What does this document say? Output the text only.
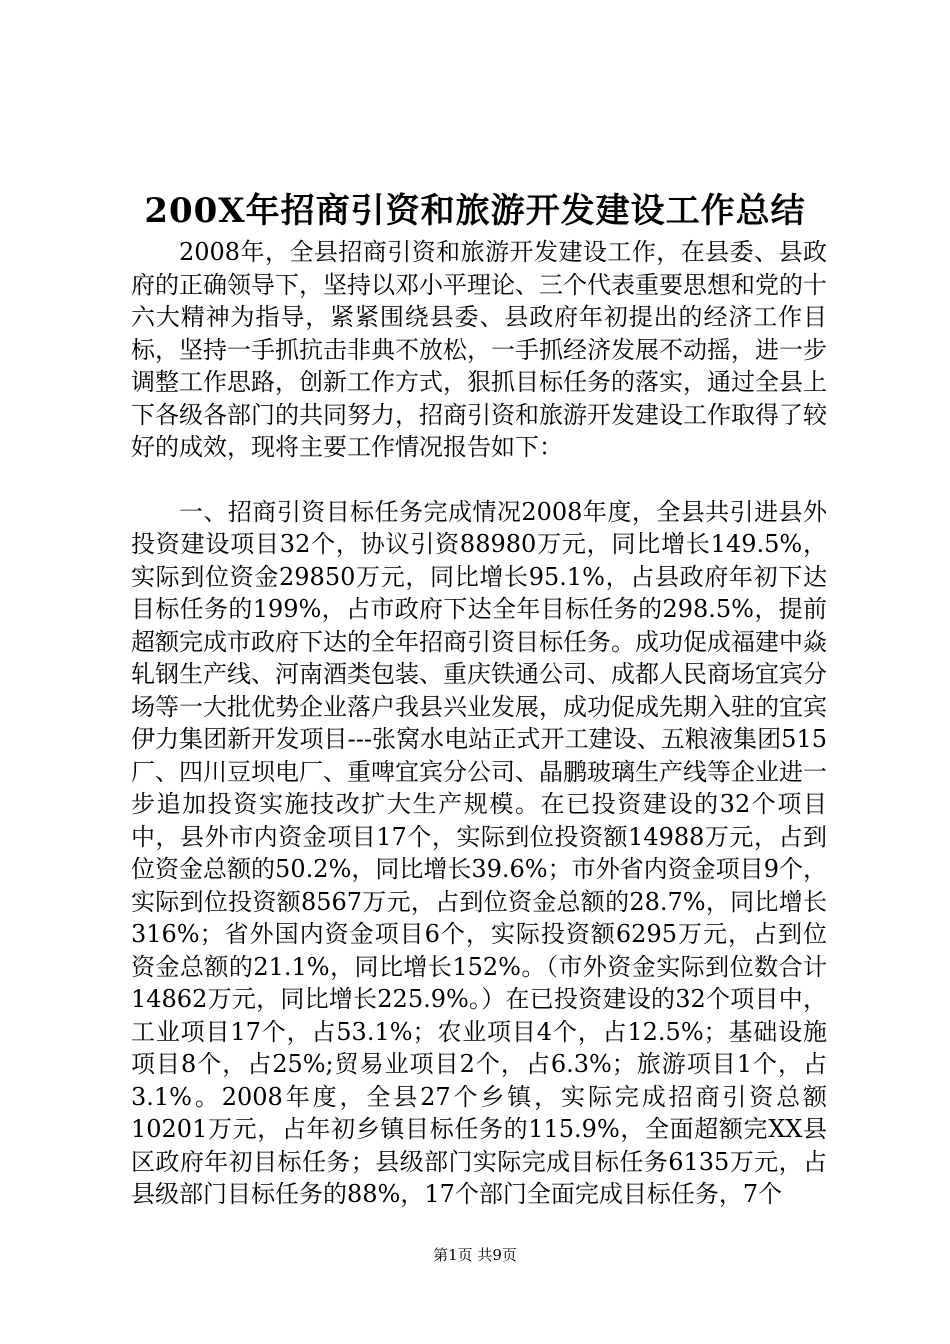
200X年招商引资和旅游开发建设工作总结

2008年，全县招商引资和旅游开发建设工作，在县委、县政府的正确领导下，坚持以邓小平理论、三个代表重要思想和党的十六大精神为指导，紧紧围绕县委、县政府年初提出的经济工作目标，坚持一手抓抗击非典不放松，一手抓经济发展不动摇，进一步调整工作思路，创新工作方式，狠抓目标任务的落实，通过全县上下各级各部门的共同努力，招商引资和旅游开发建设工作取得了较好的成效，现将主要工作情况报告如下：

一、招商引资目标任务完成情况2008年度，全县共引进县外投资建设项目32个，协议引资88980万元，同比增长149.5%，实际到位资金29850万元，同比增长95.1%，占县政府年初下达目标任务的199%，占市政府下达全年目标任务的298.5%，提前超额完成市政府下达的全年招商引资目标任务。成功促成福建中焱轧钢生产线、河南酒类包装、重庆铁通公司、成都人民商场宜宾分场等一大批优势企业落户我县兴业发展，成功促成先期入驻的宜宾伊力集团新开发项目---张窝水电站正式开工建设、五粮液集团515厂、四川豆坝电厂、重啤宜宾分公司、晶鹏玻璃生产线等企业进一步追加投资实施技改扩大生产规模。在已投资建设的32个项目中，县外市内资金项目17个，实际到位投资额14988万元，占到位资金总额的50.2%，同比增长39.6%；市外省内资金项目9个，实际到位投资额8567万元，占到位资金总额的28.7%，同比增长316%；省外国内资金项目6个，实际投资额6295万元，占到位资金总额的21.1%，同比增长152%。（市外资金实际到位数合计14862万元，同比增长225.9%。）在已投资建设的32个项目中，工业项目17个，占53.1%；农业项目4个，占12.5%；基础设施项目8个，占25%;贸易业项目2个，占6.3%；旅游项目1个，占3.1%。2008年度，全县27个乡镇，实际完成招商引资总额10201万元，占年初乡镇目标任务的115.9%，全面超额完XX县区政府年初目标任务；县级部门实际完成目标任务6135万元，占县级部门目标任务的88%，17个部门全面完成目标任务，7个

第1页 共9页
